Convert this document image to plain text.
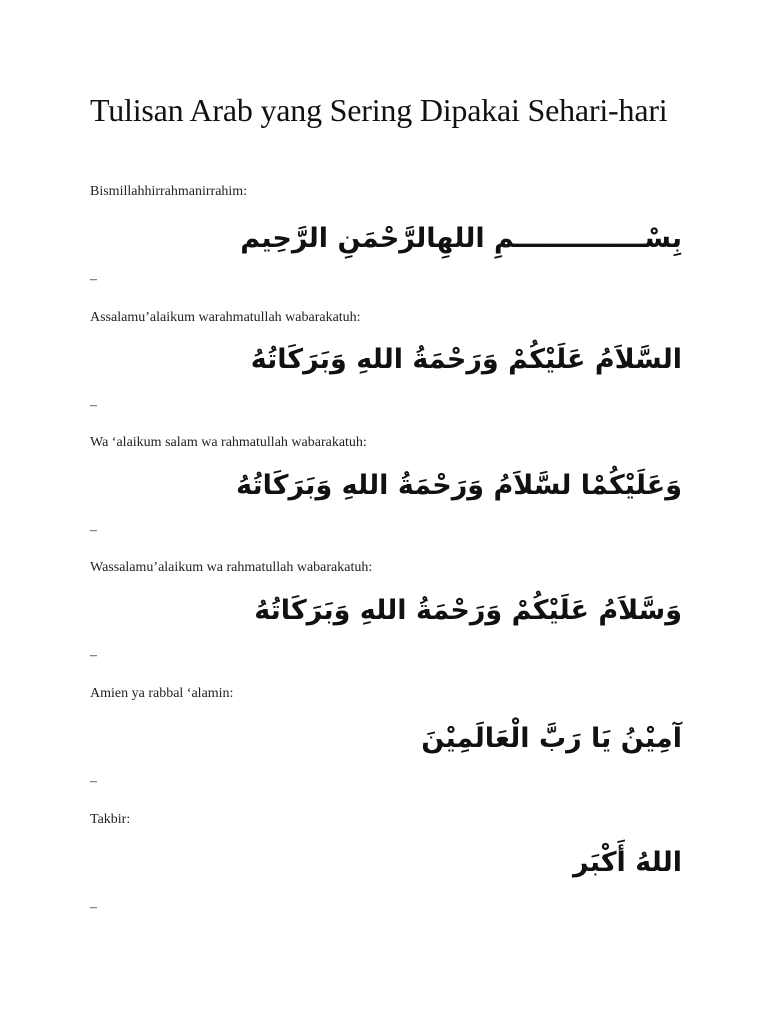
Tulisan Arab yang Sering Dipakai Sehari-hari
Bismillahhirrahmanirrahim:
بِسْــــــــــــــمِ اللهِالرَّحْمَنِ الرَّحِيم
–
Assalamu’alaikum warahmatullah wabarakatuh:
السَّلاَمُ عَلَيْكُمْ وَرَحْمَةُ اللهِ وَبَرَكَاتُهُ
–
Wa ‘alaikum salam wa rahmatullah wabarakatuh:
وَعَلَيْكُمْا لسَّلاَمُ وَرَحْمَةُ اللهِ وَبَرَكَاتُهُ
–
Wassalamu’alaikum wa rahmatullah wabarakatuh:
وَسَّلاَمُ عَلَيْكُمْ وَرَحْمَةُ اللهِ وَبَرَكَاتُهُ
–
Amien ya rabbal ‘alamin:
آمِيْنُ يَا رَبَّ الْعَالَمِيْنَ
–
Takbir:
اللهُ أَكْبَر
–
